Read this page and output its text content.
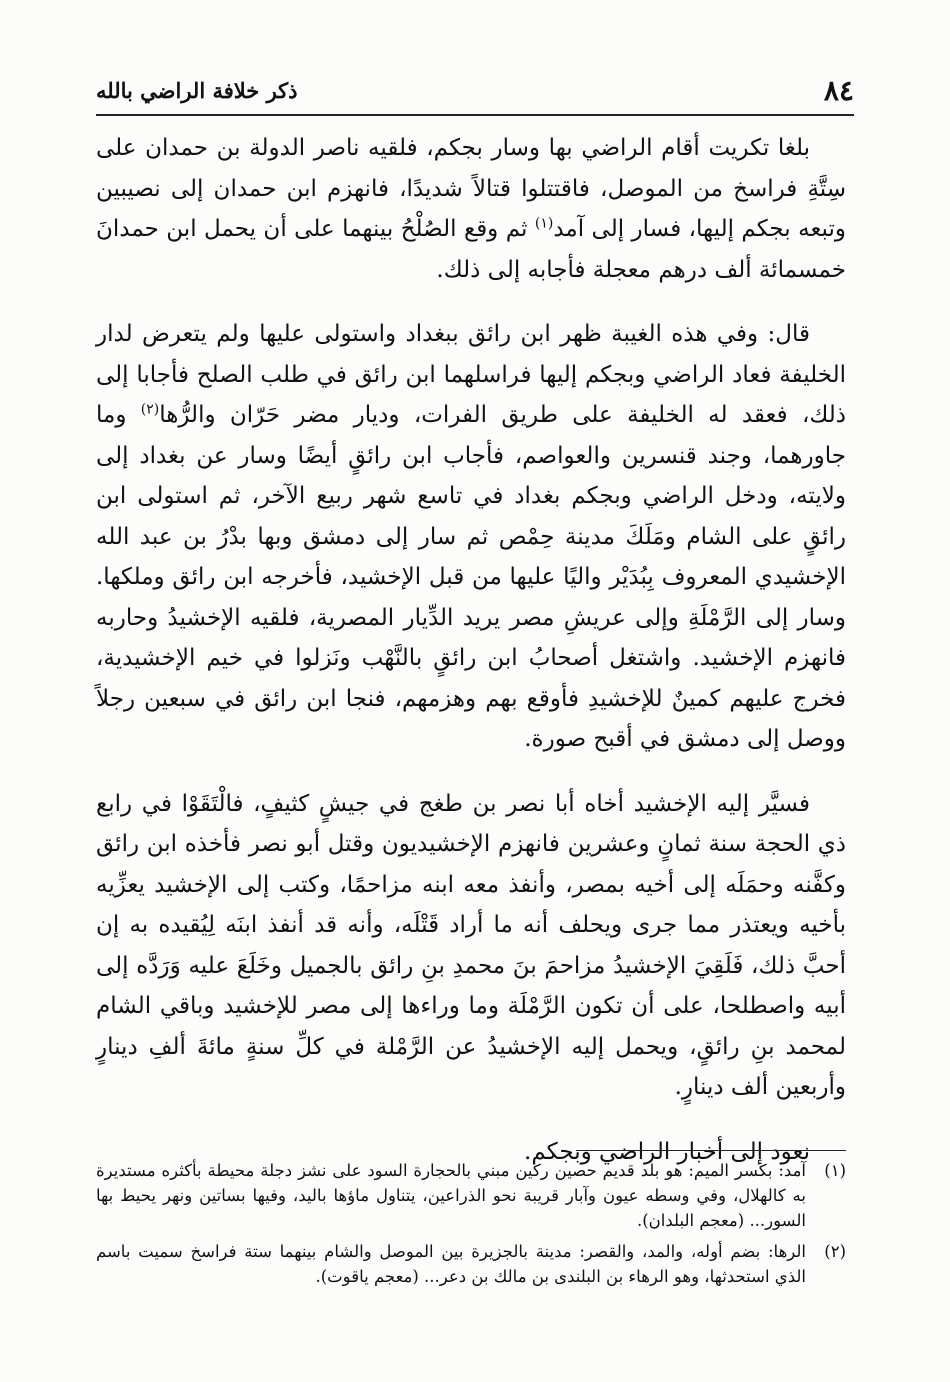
٨٤
ذكر خلافة الراضي بالله

بلغا تكريت أقام الراضي بها وسار بجكم، فلقيه ناصر الدولة بن حمدان على سِتَّةِ فراسخ من الموصل، فاقتتلوا قتالاً شديدًا، فانهزم ابن حمدان إلى نصيبين وتبعه بجكم إليها، فسار إلى آمد$^{(١)}$ ثم وقع الصُلْحُ بينهما على أن يحمل ابن حمدانَ خمسمائة ألف درهم معجلة فأجابه إلى ذلك.

قال: وفي هذه الغيبة ظهر ابن رائق ببغداد واستولى عليها ولم يتعرض لدار الخليفة فعاد الراضي وبجكم إليها فراسلهما ابن رائق في طلب الصلح فأجابا إلى ذلك، فعقد له الخليفة على طريق الفرات، وديار مضر حَرّان والرُّها$^{(٢)}$ وما جاورهما، وجند قنسرين والعواصم، فأجاب ابن رائقٍ أيضًا وسار عن بغداد إلى ولايته، ودخل الراضي وبجكم بغداد في تاسع شهر ربيع الآخر، ثم استولى ابن رائقٍ على الشام ومَلَكَ مدينة حِمْص ثم سار إلى دمشق وبها بدْرُ بن عبد الله الإخشيدي المعروف بِبُدَيْر واليًا عليها من قبل الإخشيد، فأخرجه ابن رائق وملكها. وسار إلى الرَّمْلَةِ وإلى عريشِ مصر يريد الدِّيار المصرية، فلقيه الإخشيدُ وحاربه فانهزم الإخشيد. واشتغل أصحابُ ابن رائقٍ بالنَّهْب ونَزلوا في خيم الإخشيدية، فخرج عليهم كمينٌ للإخشيدِ فأوقع بهم وهزمهم، فنجا ابن رائق في سبعين رجلاً ووصل إلى دمشق في أقبح صورة.

فسيَّر إليه الإخشيد أخاه أبا نصر بن طغج في جيشٍ كثيفٍ، فالْتَقَوْا في رابع ذي الحجة سنة ثمانٍ وعشرين فانهزم الإخشيديون وقتل أبو نصر فأخذه ابن رائق وكفَّنه وحمَلَه إلى أخيه بمصر، وأنفذ معه ابنه مزاحمًا، وكتب إلى الإخشيد يعزِّيه بأخيه ويعتذر مما جرى ويحلف أنه ما أراد قَتْلَه، وأنه قد أنفذ ابنَه لِيُقيده به إن أحبَّ ذلك، فَلَقِيَ الإخشيدُ مزاحمَ بنَ محمدِ بنِ رائق بالجميل وخَلَعَ عليه وَرَدَّه إلى أبيه واصطلحا، على أن تكون الرَّمْلَة وما وراءها إلى مصر للإخشيد وباقي الشام لمحمد بنِ رائقٍ، ويحمل إليه الإخشيدُ عن الرَّمْلة في كلِّ سنةٍ مائةَ ألفِ دينارٍ وأربعين ألف دينارٍ.

نعود إلى أخبار الراضي وبجكم.

(١)
آمد: بكسر الميم: هو بلد قديم حصين ركين مبني بالحجارة السود على نشز دجلة محيطة بأكثره مستديرة به كالهلال، وفي وسطه عيون وآبار قريبة نحو الذراعين، يتناول ماؤها باليد، وفيها بساتين ونهر يحيط بها السور... (معجم البلدان).
(٢)
الرها: بضم أوله، والمد، والقصر: مدينة بالجزيرة بين الموصل والشام بينهما ستة فراسخ سميت باسم الذي استحدثها، وهو الرهاء بن البلندى بن مالك بن دعر... (معجم ياقوت).
